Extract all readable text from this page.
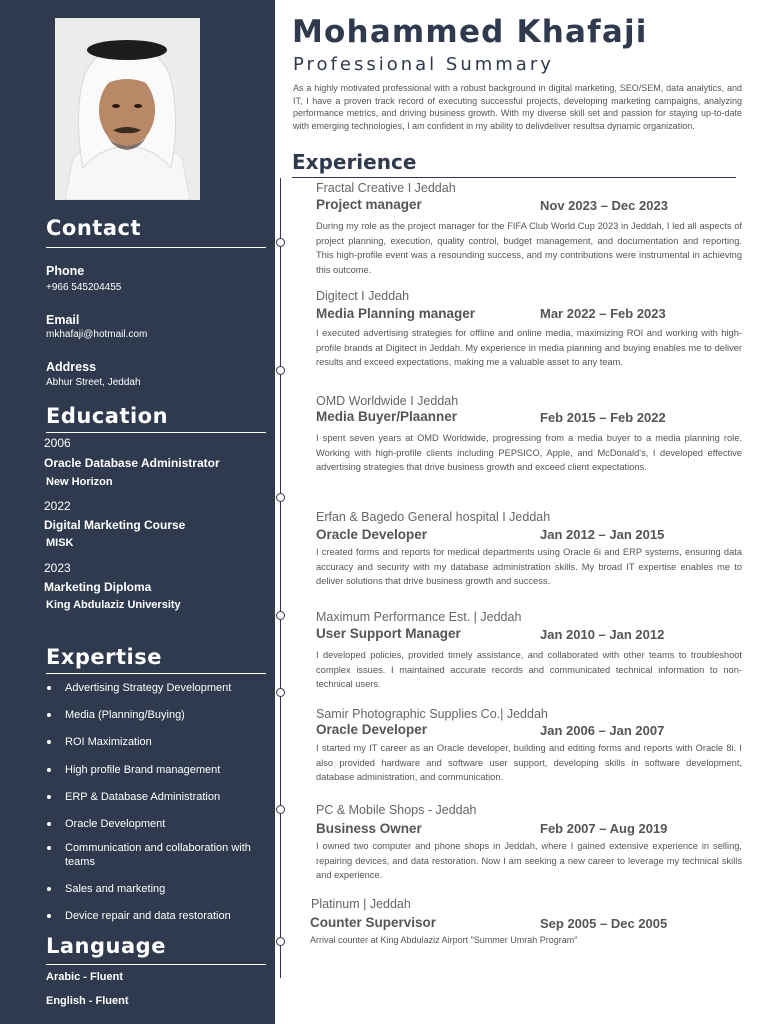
Contact
Phone
+966 545204455
Email
mkhafaji@hotmail.com
Address
Abhur Street, Jeddah
Education
2006
Oracle Database Administrator
New Horizon
2022
Digital Marketing Course
MISK
2023
Marketing Diploma
King Abdulaziz University
Expertise
Advertising Strategy Development
Media (Planning/Buying)
ROI Maximization
High profile Brand management
ERP & Database Administration
Oracle Development
Communication and collaboration with teams
Sales and marketing
Device repair and data restoration
Language
Arabic - Fluent
English - Fluent
Mohammed Khafaji
Professional Summary
As a highly motivated professional with a robust background in digital marketing, SEO/SEM, data analytics, and IT, I have a proven track record of executing successful projects, developing marketing campaigns, analyzing performance metrics, and driving business growth. With my diverse skill set and passion for staying up-to-date with emerging technologies, I am confident in my ability to delivdeliver resultsa dynamic organization.
Experience
Fractal Creative I Jeddah
Project manager	Nov 2023 – Dec 2023
During my role as the project manager for the FIFA Club World Cup 2023 in Jeddah, I led all aspects of project planning, execution, quality control, budget management, and documentation and reporting. This high-profile event was a resounding success, and my contributions were instrumental in achieving this outcome.
Digitect I Jeddah
Media Planning manager	Mar 2022 – Feb 2023
I executed advertising strategies for offline and online media, maximizing ROI and working with high-profile brands at Digitect in Jeddah. My experience in media planning and buying enables me to deliver results and exceed expectations, making me a valuable asset to any team.
OMD Worldwide I Jeddah
Media Buyer/Plaanner	Feb 2015 – Feb 2022
I spent seven years at OMD Worldwide, progressing from a media buyer to a media planning role. Working with high-profile clients including PEPSICO, Apple, and McDonald's, I developed effective advertising strategies that drive business growth and exceed client expectations.
Erfan & Bagedo General hospital I Jeddah
Oracle Developer	Jan 2012 – Jan 2015
I created forms and reports for medical departments using Oracle 6i and ERP systems, ensuring data accuracy and security with my database administration skills. My broad IT expertise enables me to deliver solutions that drive business growth and success.
Maximum Performance Est. | Jeddah
User Support Manager	Jan 2010 – Jan 2012
I developed policies, provided timely assistance, and collaborated with other teams to troubleshoot complex issues. I maintained accurate records and communicated technical information to non-technical users.
Samir Photographic Supplies Co.| Jeddah
Oracle Developer	Jan 2006 – Jan 2007
I started my IT career as an Oracle developer, building and editing forms and reports with Oracle 8i. I also provided hardware and software user support, developing skills in software development, database administration, and communication.
PC & Mobile Shops - Jeddah
Business Owner	Feb 2007 – Aug 2019
I owned two computer and phone shops in Jeddah, where I gained extensive experience in selling, repairing devices, and data restoration. Now I am seeking a new career to leverage my technical skills and experience.
Platinum | Jeddah
Counter Supervisor	Sep 2005 – Dec 2005
Arrival counter at King Abdulaziz Airport "Summer Umrah Program"
